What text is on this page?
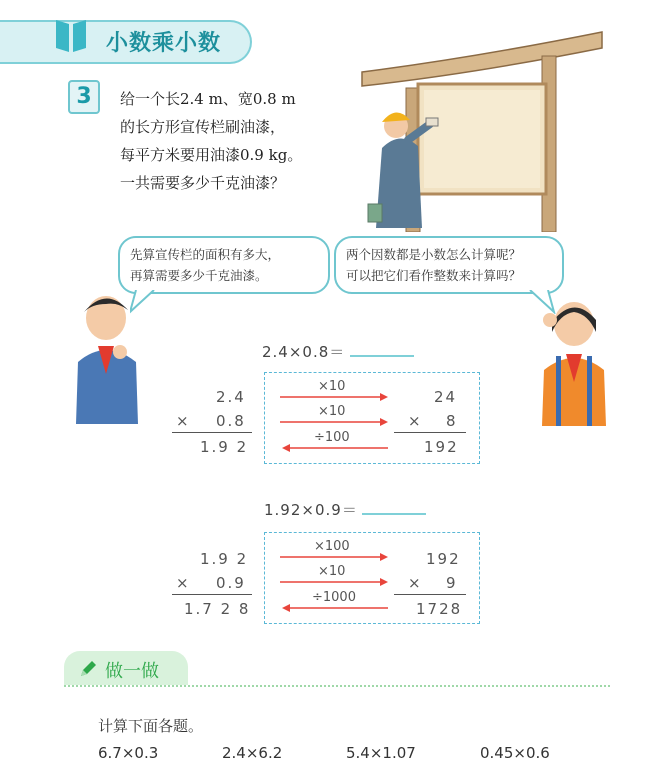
小数乘小数
3	给一个长2.4 m、宽0.8 m
的长方形宣传栏刷油漆，
每平方米要用油漆0.9 kg。
一共需要多少千克油漆？
先算宣传栏的面积有多大，
再算需要多少千克油漆。
两个因数都是小数怎么计算呢？
可以把它们看作整数来计算吗？
2.4×0.8＝
2.4
× 0.8
1.9 2
×10
×10
÷100
24
× 8
192
1.92×0.9＝
1.9 2
× 0.9
1.7 2 8
×100
×10
÷1000
192
× 9
1728
做一做
计算下面各题。
6.7×0.3	2.4×6.2	5.4×1.07	0.45×0.6
